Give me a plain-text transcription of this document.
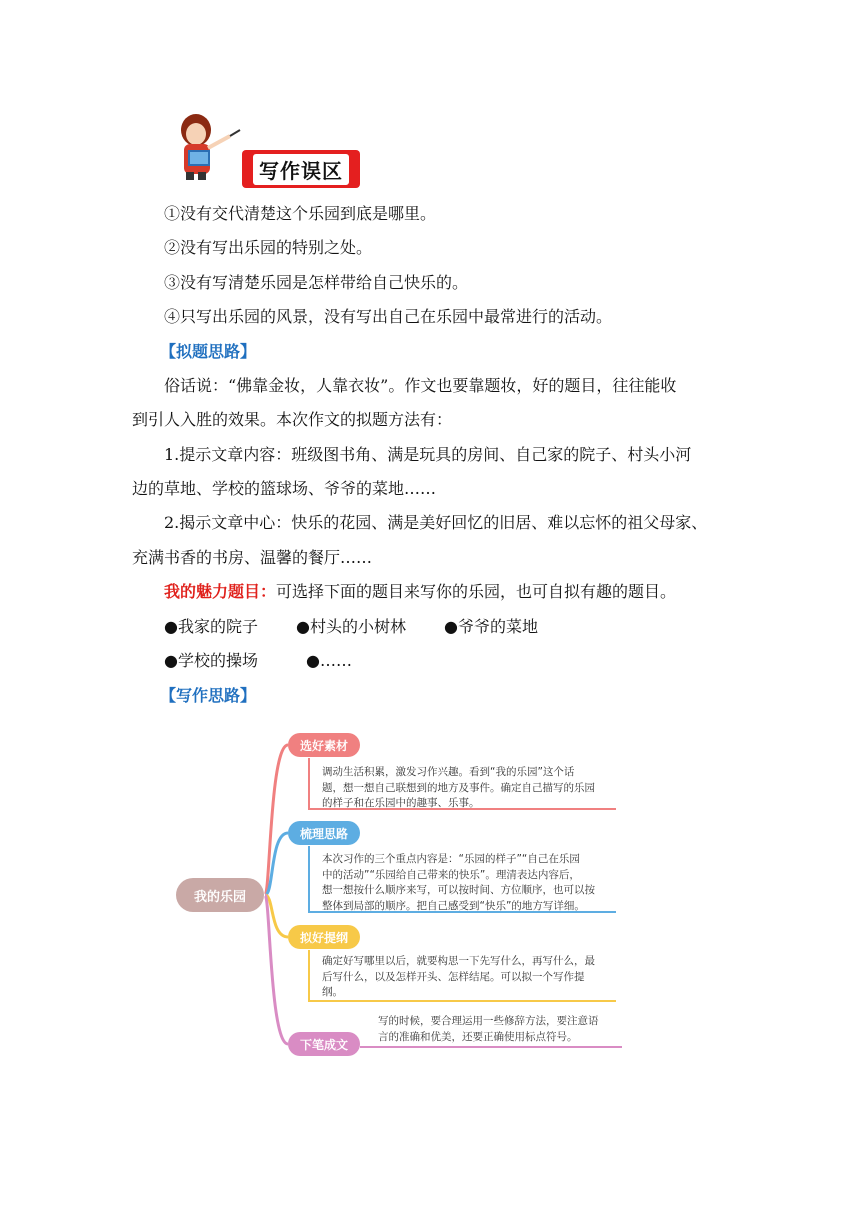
写作误区
①没有交代清楚这个乐园到底是哪里。
②没有写出乐园的特别之处。
③没有写清楚乐园是怎样带给自己快乐的。
④只写出乐园的风景，没有写出自己在乐园中最常进行的活动。
【拟题思路】
俗话说：“佛靠金妆，人靠衣妆”。作文也要靠题妆，好的题目，往往能收
到引人入胜的效果。本次作文的拟题方法有：
1.提示文章内容：班级图书角、满是玩具的房间、自己家的院子、村头小河
边的草地、学校的篮球场、爷爷的菜地……
2.揭示文章中心：快乐的花园、满是美好回忆的旧居、难以忘怀的祖父母家、
充满书香的书房、温馨的餐厅……
我的魅力题目：可选择下面的题目来写你的乐园，也可自拟有趣的题目。
●我家的院子 ●村头的小树林 ●爷爷的菜地
●学校的操场	●……
【写作思路】
我的乐园
选好素材
调动生活积累，激发习作兴趣。看到“我的乐园”这个话
题，想一想自己联想到的地方及事件。确定自己描写的乐园
的样子和在乐园中的趣事、乐事。
梳理思路
本次习作的三个重点内容是：“乐园的样子”“自己在乐园
中的活动”“乐园给自己带来的快乐”。理清表达内容后，
想一想按什么顺序来写，可以按时间、方位顺序，也可以按
整体到局部的顺序。把自己感受到“快乐”的地方写详细。
拟好提纲
确定好写哪里以后，就要构思一下先写什么，再写什么，最
后写什么，以及怎样开头、怎样结尾。可以拟一个写作提
纲。
下笔成文
写的时候，要合理运用一些修辞方法，要注意语
言的准确和优美，还要正确使用标点符号。
